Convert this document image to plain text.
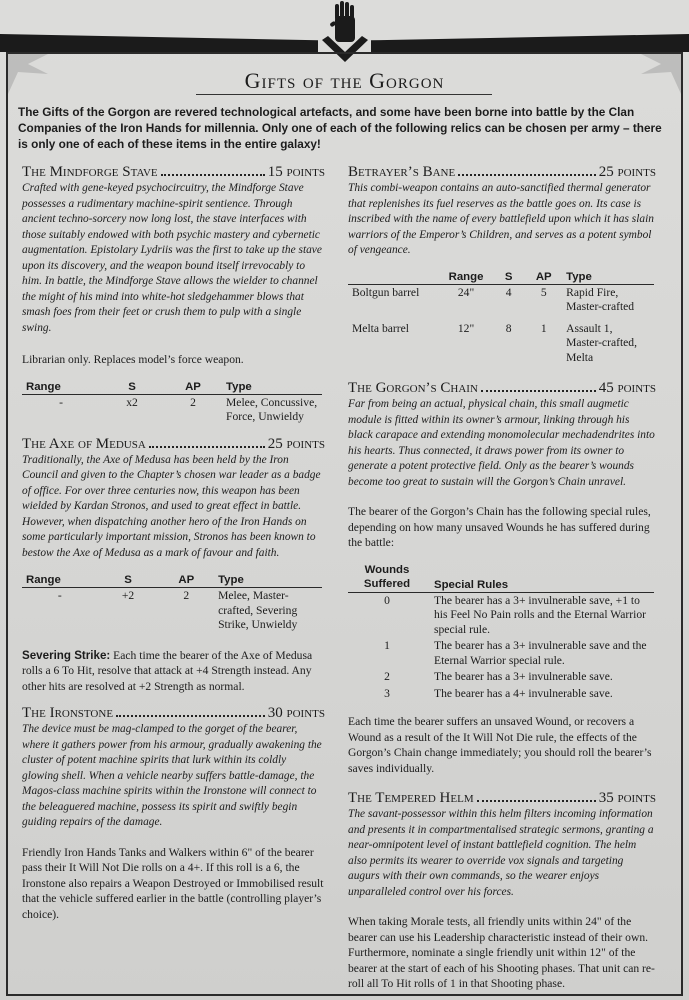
Gifts of the Gorgon
The Gifts of the Gorgon are revered technological artefacts, and some have been borne into battle by the Clan Companies of the Iron Hands for millennia. Only one of each of the following relics can be chosen per army – there is only one of each of these items in the entire galaxy!
The Mindforge Stave	15 points
Crafted with gene-keyed psychocircuitry, the Mindforge Stave possesses a rudimentary machine-spirit sentience. Through ancient techno-sorcery now long lost, the stave interfaces with those suitably endowed with both psychic mastery and cybernetic augmentation. Epistolary Lydriis was the first to take up the stave upon its discovery, and the weapon bound itself irrevocably to him. In battle, the Mindforge Stave allows the wielder to channel the might of his mind into white-hot sledgehammer blows that smash foes from their feet or crush them to pulp with a single swing.
Librarian only. Replaces model’s force weapon.
Range	S	AP	Type

-	x2	2	Melee, Concussive, Force, Unwieldy
The Axe of Medusa	25 points
Traditionally, the Axe of Medusa has been held by the Iron Council and given to the Chapter’s chosen war leader as a badge of office. For over three centuries now, this weapon has been wielded by Kardan Stronos, and used to great effect in battle. However, when dispatching another hero of the Iron Hands on some particularly important mission, Stronos has been known to bestow the Axe of Medusa as a mark of favour and faith.
Range	S	AP	Type

-	+2	2	Melee, Master-crafted, Severing Strike, Unwieldy
Severing Strike: Each time the bearer of the Axe of Medusa rolls a 6 To Hit, resolve that attack at +4 Strength instead. Any other hits are resolved at +2 Strength as normal.
The Ironstone	30 points
The device must be mag-clamped to the gorget of the bearer, where it gathers power from his armour, gradually awakening the cluster of potent machine spirits that lurk within its coldly glowing shell. When a vehicle nearby suffers battle-damage, the Magos-class machine spirits within the Ironstone will connect to the beleaguered machine, possess its spirit and swiftly begin guiding repairs of the damage.
Friendly Iron Hands Tanks and Walkers within 6" of the bearer pass their It Will Not Die rolls on a 4+. If this roll is a 6, the Ironstone also repairs a Weapon Destroyed or Immobilised result that the vehicle suffered earlier in the battle (controlling player’s choice).
Betrayer’s Bane	25 points
This combi-weapon contains an auto-sanctified thermal generator that replenishes its fuel reserves as the battle goes on. Its case is inscribed with the name of every battlefield upon which it has slain warriors of the Emperor’s Children, and serves as a potent symbol of vengeance.
	Range	S	AP	Type

Boltgun barrel	24"	4	5	Rapid Fire, Master-crafted
Melta barrel	12"	8	1	Assault 1, Master-crafted, Melta
The Gorgon’s Chain	45 points
Far from being an actual, physical chain, this small augmetic module is fitted within its owner’s armour, linking through his black carapace and extending monomolecular mechadendrites into his hearts. Thus connected, it draws power from its owner to generate a potent protective field. Only as the bearer’s wounds become too great to sustain will the Gorgon’s Chain unravel.
The bearer of the Gorgon’s Chain has the following special rules, depending on how many unsaved Wounds he has suffered during the battle:
Wounds
Suffered	Special Rules

0	The bearer has a 3+ invulnerable save, +1 to his Feel No Pain rolls and the Eternal Warrior special rule.
1	The bearer has a 3+ invulnerable save and the Eternal Warrior special rule.
2	The bearer has a 3+ invulnerable save.
3	The bearer has a 4+ invulnerable save.
Each time the bearer suffers an unsaved Wound, or recovers a Wound as a result of the It Will Not Die rule, the effects of the Gorgon’s Chain change immediately; you should roll the bearer’s saves individually.
The Tempered Helm	35 points
The savant-possessor within this helm filters incoming information and presents it in compartmentalised strategic sermons, granting a near-omnipotent level of instant battlefield cognition. The helm also permits its wearer to override vox signals and targeting augurs with their own commands, so the wearer enjoys unparalleled control over his forces.
When taking Morale tests, all friendly units within 24" of the bearer can use his Leadership characteristic instead of their own. Furthermore, nominate a single friendly unit within 12" of the bearer at the start of each of his Shooting phases. That unit can re-roll all To Hit rolls of 1 in that Shooting phase.
